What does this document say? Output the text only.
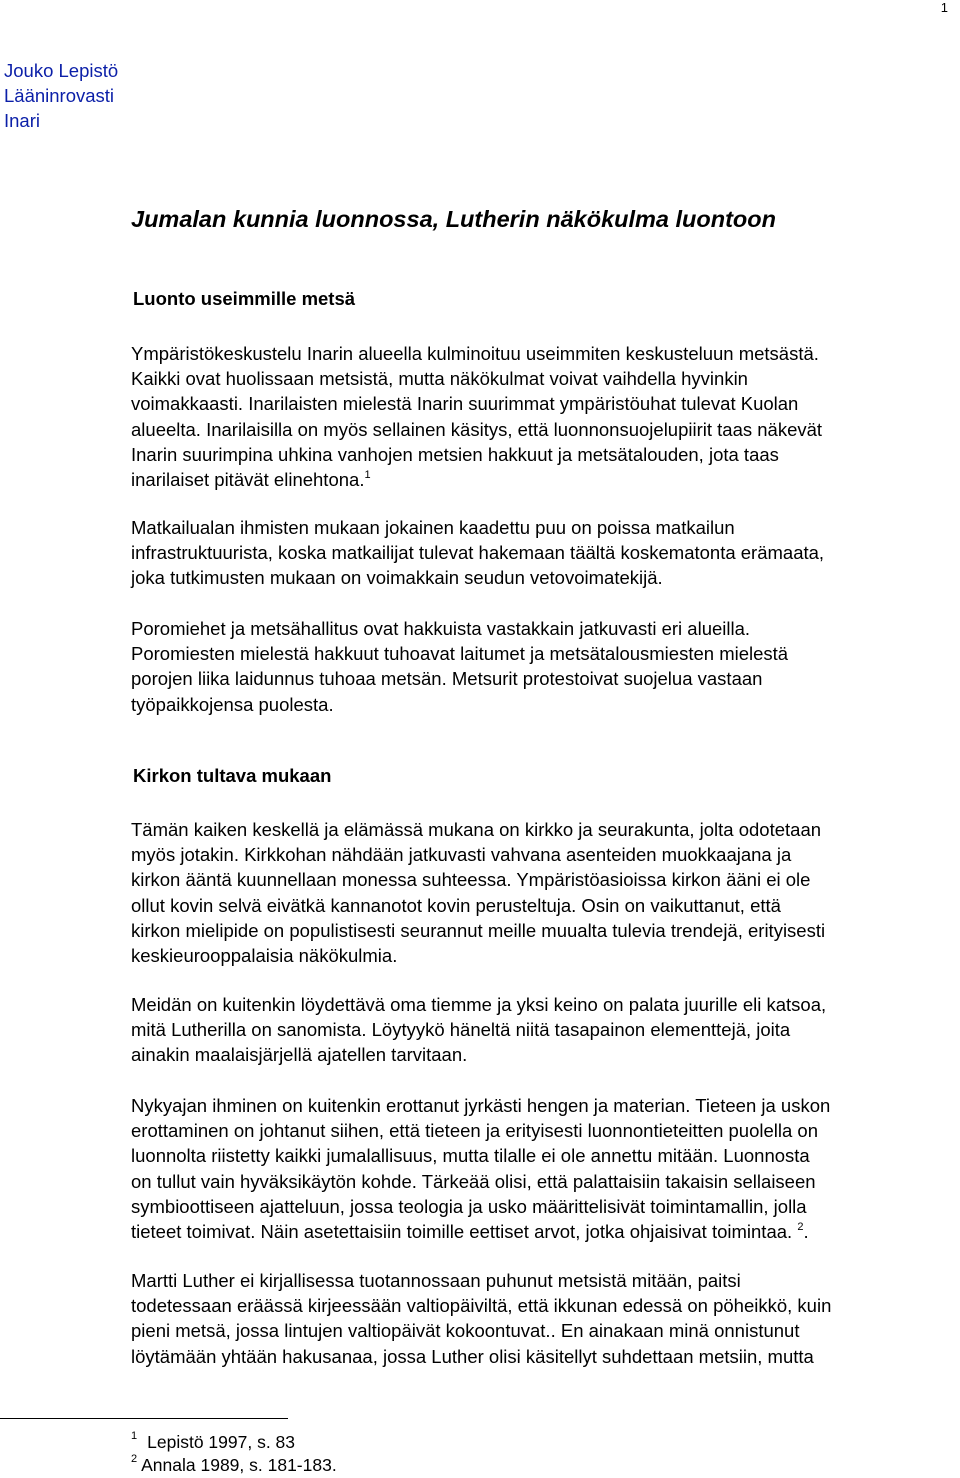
1
Jouko Lepistö
Lääninrovasti
Inari
Jumalan kunnia luonnossa, Lutherin näkökulma luontoon
Luonto useimmille metsä

Ympäristökeskustelu Inarin alueella kulminoituu useimmiten keskusteluun metsästä.
Kaikki ovat huolissaan metsistä, mutta näkökulmat voivat vaihdella hyvinkin
voimakkaasti. Inarilaisten mielestä Inarin suurimmat ympäristöuhat tulevat Kuolan
alueelta. Inarilaisilla on myös sellainen käsitys, että luonnonsuojelupiirit taas näkevät
Inarin suurimpina uhkina vanhojen metsien hakkuut ja metsätalouden, jota taas
inarilaiset pitävät elinehtona.$^1$

Matkailualan ihmisten mukaan jokainen kaadettu puu on poissa matkailun
infrastruktuurista, koska matkailijat tulevat hakemaan täältä koskematonta erämaata,
joka tutkimusten mukaan on voimakkain seudun vetovoimatekijä.

Poromiehet ja metsähallitus ovat hakkuista vastakkain jatkuvasti eri alueilla.
Poromiesten mielestä hakkuut tuhoavat laitumet ja metsätalousmiesten mielestä
porojen liika laidunnus tuhoaa metsän. Metsurit protestoivat suojelua vastaan
työpaikkojensa puolesta.

Kirkon tultava mukaan

Tämän kaiken keskellä ja elämässä mukana on kirkko ja seurakunta, jolta odotetaan
myös jotakin. Kirkkohan nähdään jatkuvasti vahvana asenteiden muokkaajana ja
kirkon ääntä kuunnellaan monessa suhteessa. Ympäristöasioissa kirkon ääni ei ole
ollut kovin selvä eivätkä kannanotot kovin perusteltuja. Osin on vaikuttanut, että
kirkon mielipide on populistisesti seurannut meille muualta tulevia trendejä, erityisesti
keskieurooppalaisia näkökulmia.

Meidän on kuitenkin löydettävä oma tiemme ja yksi keino on palata juurille eli katsoa,
mitä Lutherilla on sanomista. Löytyykö häneltä niitä tasapainon elementtejä, joita
ainakin maalaisjärjellä ajatellen tarvitaan.

Nykyajan ihminen on kuitenkin erottanut jyrkästi hengen ja materian. Tieteen ja uskon
erottaminen on johtanut siihen, että tieteen ja erityisesti luonnontieteitten puolella on
luonnolta riistetty kaikki jumalallisuus, mutta tilalle ei ole annettu mitään. Luonnosta
on tullut vain hyväksikäytön kohde. Tärkeää olisi, että palattaisiin takaisin sellaiseen
symbioottiseen ajatteluun, jossa teologia ja usko määrittelisivät toimintamallin, jolla
tieteet toimivat. Näin asetettaisiin toimille eettiset arvot, jotka ohjaisivat toimintaa. $^2$.

Martti Luther ei kirjallisessa tuotannossaan puhunut metsistä mitään, paitsi
todetessaan eräässä kirjeessään valtiopäiviltä, että ikkunan edessä on pöheikkö, kuin
pieni metsä, jossa lintujen valtiopäivät kokoontuvat.. En ainakaan minä onnistunut
löytämään yhtään hakusanaa, jossa Luther olisi käsitellyt suhdettaan metsiin, mutta

$^1$ Lepistö 1997, s. 83
$^2$ Annala 1989, s. 181-183.
